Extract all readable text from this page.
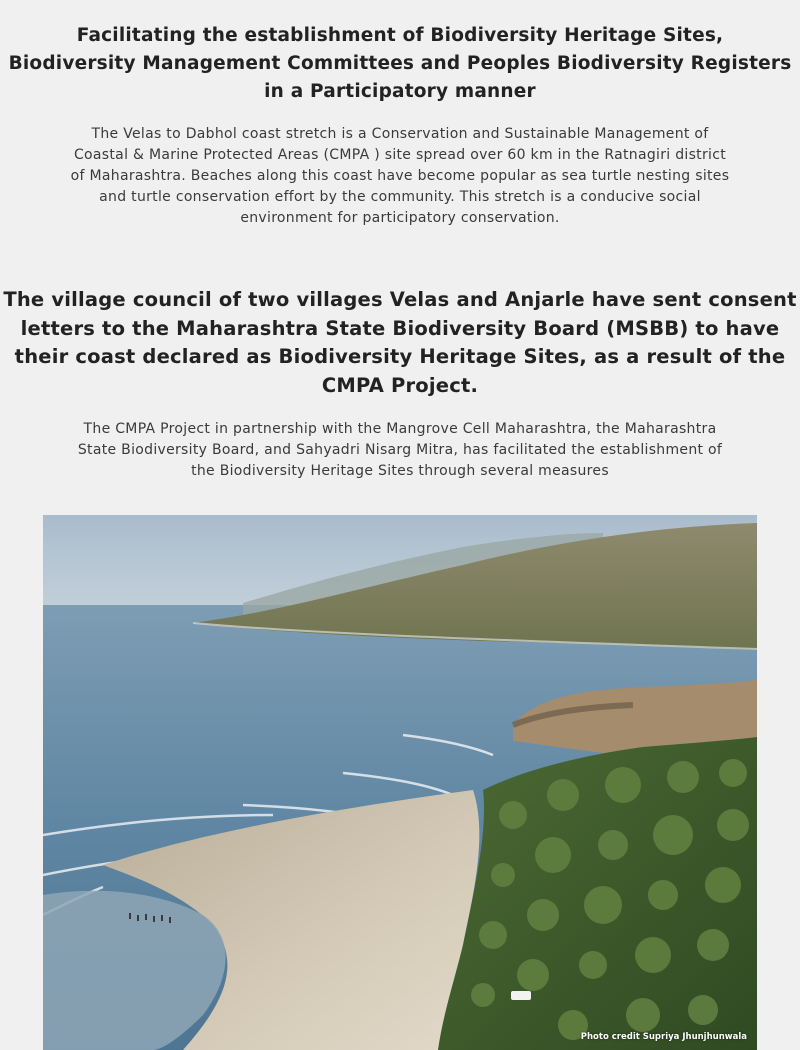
Facilitating the establishment of Biodiversity Heritage Sites,
Biodiversity Management Committees and Peoples Biodiversity Registers
in a Participatory manner
The Velas to Dabhol coast stretch is a Conservation and Sustainable Management of
Coastal & Marine Protected Areas (CMPA ) site spread over 60 km in the Ratnagiri district
of Maharashtra. Beaches along this coast have become popular as sea turtle nesting sites
and turtle conservation effort by the community. This stretch is a conducive social
environment for participatory conservation.
The village council of two villages Velas and Anjarle have sent consent
letters to the Maharashtra State Biodiversity Board (MSBB) to have
their coast declared as Biodiversity Heritage Sites, as a result of the
CMPA Project.
The CMPA Project in partnership with the Mangrove Cell Maharashtra, the Maharashtra
State Biodiversity Board, and Sahyadri Nisarg Mitra, has facilitated the establishment of
the Biodiversity Heritage Sites through several measures
Photo credit Supriya Jhunjhunwala
